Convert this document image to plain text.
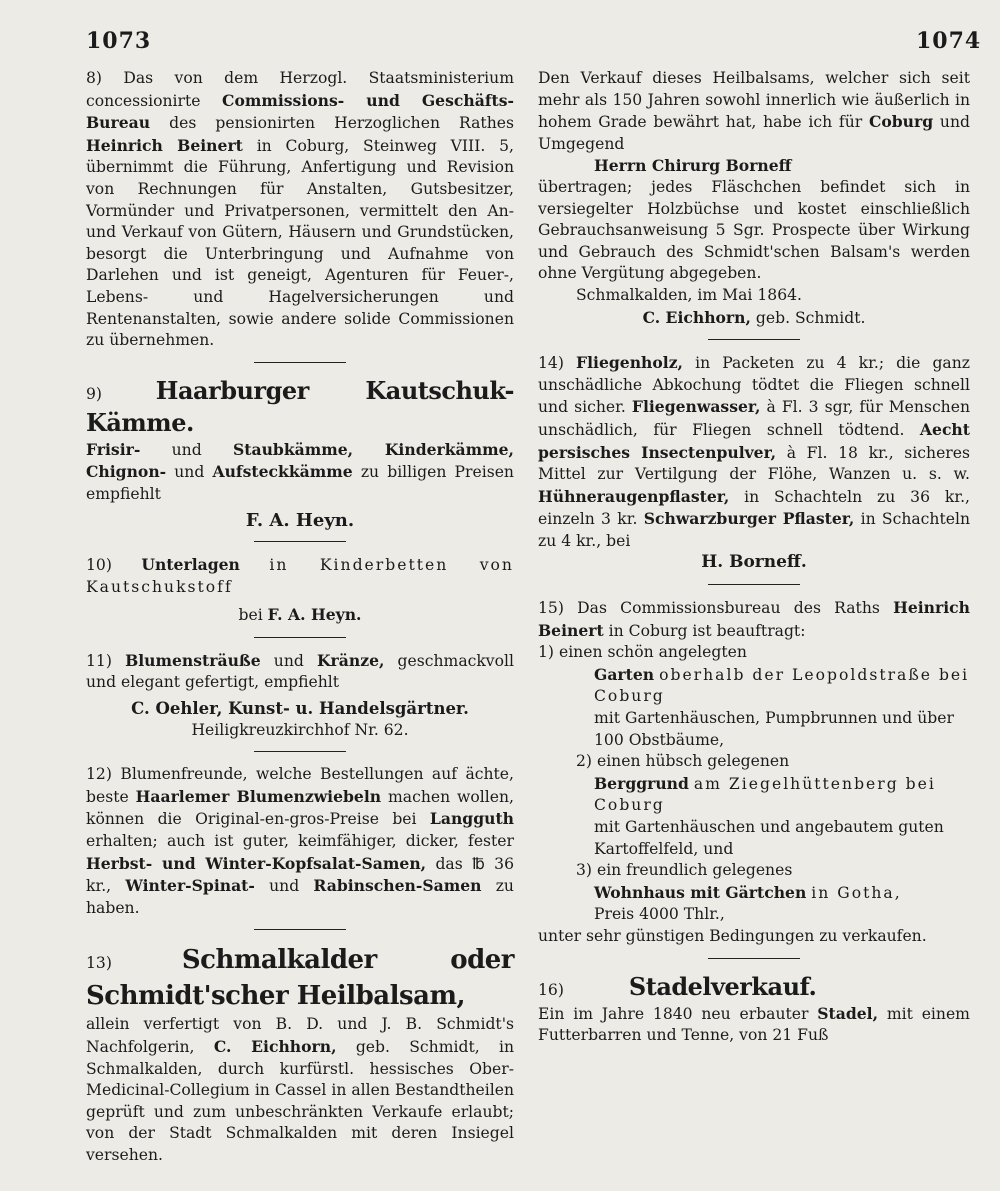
1073	1074

8) Das von dem Herzogl. Staatsministerium concessionirte Commissions- und Geschäfts-Bureau des pensionirten Herzoglichen Rathes Heinrich Beinert in Coburg, Steinweg VIII. 5, übernimmt die Führung, Anfertigung und Revision von Rechnungen für Anstalten, Gutsbesitzer, Vormünder und Privatpersonen, vermittelt den An- und Verkauf von Gütern, Häusern und Grundstücken, besorgt die Unterbringung und Aufnahme von Darlehen und ist geneigt, Agenturen für Feuer-, Lebens- und Hagelversicherungen und Rentenanstalten, sowie andere solide Commissionen zu übernehmen.

9) Haarburger Kautschuk-Kämme.
Frisir- und Staubkämme, Kinderkämme, Chignon- und Aufsteckkämme zu billigen Preisen empfiehlt

F. A. Heyn.

10) Unterlagen in Kinderbetten von Kautschukstoff

bei F. A. Heyn.

11) Blumensträuße und Kränze, geschmackvoll und elegant gefertigt, empfiehlt

C. Oehler, Kunst- u. Handelsgärtner.
Heiligkreuzkirchhof Nr. 62.

12) Blumenfreunde, welche Bestellungen auf ächte, beste Haarlemer Blumenzwiebeln machen wollen, können die Original-en-gros-Preise bei Langguth erhalten; auch ist guter, keimfähiger, dicker, fester Herbst- und Winter-Kopfsalat-Samen, das ℔ 36 kr., Winter-Spinat- und Rabinschen-Samen zu haben.

13)	Schmalkalder oder Schmidt'scher Heilbalsam,
allein verfertigt von B. D. und J. B. Schmidt's Nachfolgerin, C. Eichhorn, geb. Schmidt, in Schmalkalden, durch kurfürstl. hessisches Ober-Medicinal-Collegium in Cassel in allen Bestandtheilen geprüft und zum unbeschränkten Verkaufe erlaubt; von der Stadt Schmalkalden mit deren Insiegel versehen.

Den Verkauf dieses Heilbalsams, welcher sich seit mehr als 150 Jahren sowohl innerlich wie äußerlich in hohem Grade bewährt hat, habe ich für Coburg und Umgegend
Herrn Chirurg Borneff
übertragen; jedes Fläschchen befindet sich in versiegelter Holzbüchse und kostet einschließlich Gebrauchsanweisung 5 Sgr. Prospecte über Wirkung und Gebrauch des Schmidt'schen Balsam's werden ohne Vergütung abgegeben.

Schmalkalden, im Mai 1864.
C. Eichhorn, geb. Schmidt.

14) Fliegenholz, in Packeten zu 4 kr.; die ganz unschädliche Abkochung tödtet die Fliegen schnell und sicher. Fliegenwasser, à Fl. 3 sgr, für Menschen unschädlich, für Fliegen schnell tödtend. Aecht persisches Insectenpulver, à Fl. 18 kr., sicheres Mittel zur Vertilgung der Flöhe, Wanzen u. s. w. Hühneraugenpflaster, in Schachteln zu 36 kr., einzeln 3 kr. Schwarzburger Pflaster, in Schachteln zu 4 kr., bei

H. Borneff.

15) Das Commissionsbureau des Raths Heinrich Beinert in Coburg ist beauftragt:

1) einen schön angelegten
Garten oberhalb der Leopoldstraße bei Coburg
mit Gartenhäuschen, Pumpbrunnen und über 100 Obstbäume,
2) einen hübsch gelegenen
Berggrund am Ziegelhüttenberg bei Coburg
mit Gartenhäuschen und angebautem guten Kartoffelfeld, und
3) ein freundlich gelegenes
Wohnhaus mit Gärtchen in Gotha,
Preis 4000 Thlr.,
unter sehr günstigen Bedingungen zu verkaufen.

16)	Stadelverkauf.
Ein im Jahre 1840 neu erbauter Stadel, mit einem Futterbarren und Tenne, von 21 Fuß
